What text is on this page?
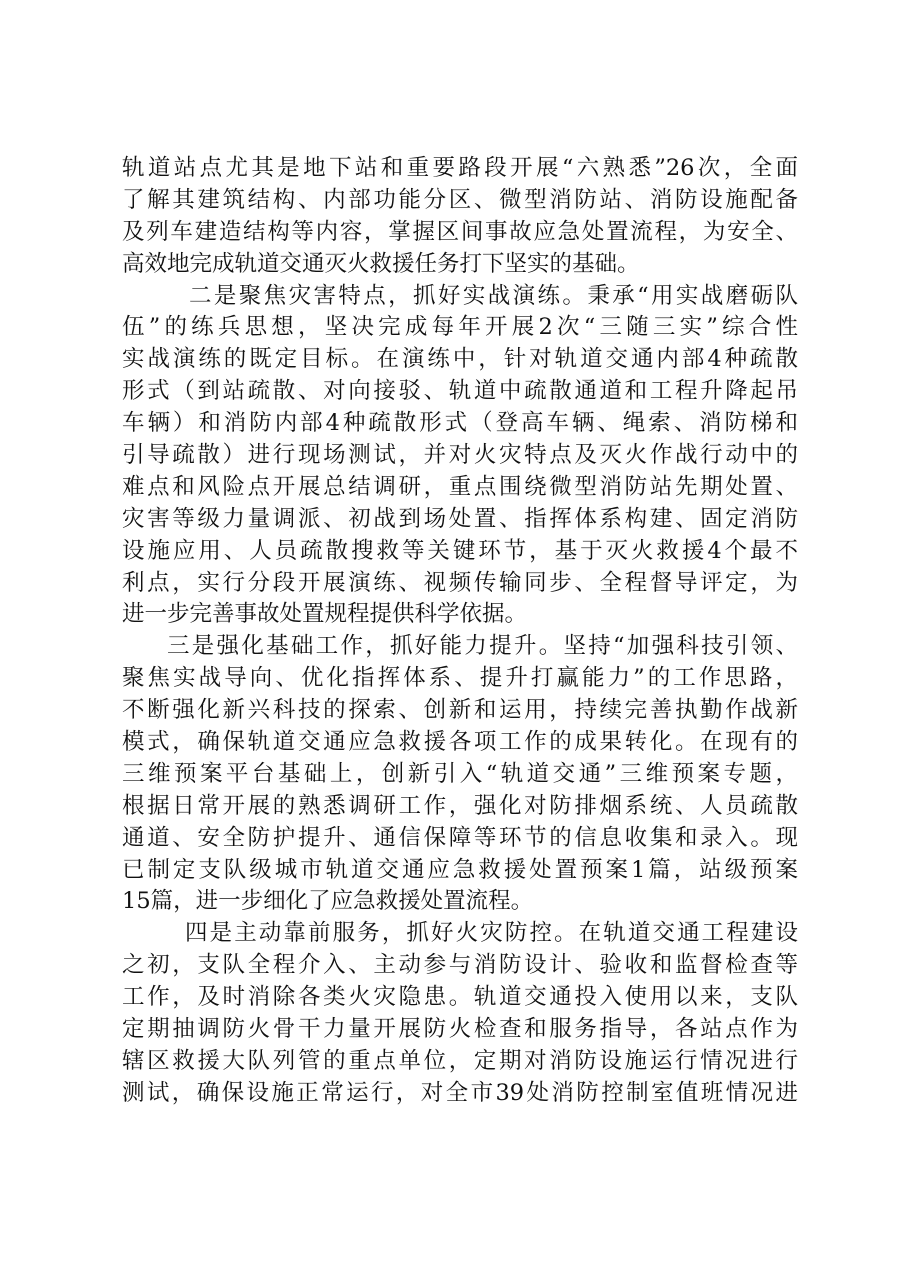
轨道站点尤其是地下站和重要路段开展“六熟悉”26次，全面
了解其建筑结构、内部功能分区、微型消防站、消防设施配备
及列车建造结构等内容，掌握区间事故应急处置流程，为安全、
高效地完成轨道交通灭火救援任务打下坚实的基础。
二是聚焦灾害特点，抓好实战演练。秉承“用实战磨砺队
伍”的练兵思想，坚决完成每年开展2次“三随三实”综合性
实战演练的既定目标。在演练中，针对轨道交通内部4种疏散
形式（到站疏散、对向接驳、轨道中疏散通道和工程升降起吊
车辆）和消防内部4种疏散形式（登高车辆、绳索、消防梯和
引导疏散）进行现场测试，并对火灾特点及灭火作战行动中的
难点和风险点开展总结调研，重点围绕微型消防站先期处置、
灾害等级力量调派、初战到场处置、指挥体系构建、固定消防
设施应用、人员疏散搜救等关键环节，基于灭火救援4个最不
利点，实行分段开展演练、视频传输同步、全程督导评定，为
进一步完善事故处置规程提供科学依据。
三是强化基础工作，抓好能力提升。坚持“加强科技引领、
聚焦实战导向、优化指挥体系、提升打赢能力”的工作思路，
不断强化新兴科技的探索、创新和运用，持续完善执勤作战新
模式，确保轨道交通应急救援各项工作的成果转化。在现有的
三维预案平台基础上，创新引入“轨道交通”三维预案专题，
根据日常开展的熟悉调研工作，强化对防排烟系统、人员疏散
通道、安全防护提升、通信保障等环节的信息收集和录入。现
已制定支队级城市轨道交通应急救援处置预案1篇，站级预案
15篇，进一步细化了应急救援处置流程。
四是主动靠前服务，抓好火灾防控。在轨道交通工程建设
之初，支队全程介入、主动参与消防设计、验收和监督检查等
工作，及时消除各类火灾隐患。轨道交通投入使用以来，支队
定期抽调防火骨干力量开展防火检查和服务指导，各站点作为
辖区救援大队列管的重点单位，定期对消防设施运行情况进行
测试，确保设施正常运行，对全市39处消防控制室值班情况进
